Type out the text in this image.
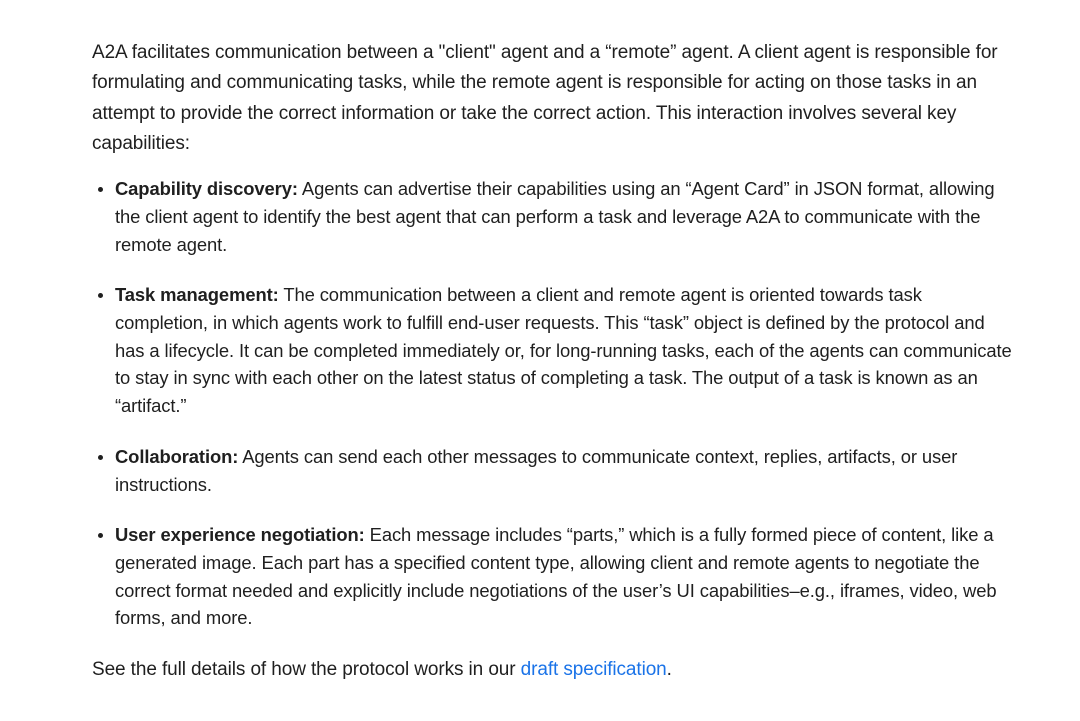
A2A facilitates communication between a "client" agent and a “remote” agent. A client agent is responsible for formulating and communicating tasks, while the remote agent is responsible for acting on those tasks in an attempt to provide the correct information or take the correct action. This interaction involves several key capabilities:

Capability discovery: Agents can advertise their capabilities using an “Agent Card” in JSON format, allowing the client agent to identify the best agent that can perform a task and leverage A2A to communicate with the remote agent.
Task management: The communication between a client and remote agent is oriented towards task completion, in which agents work to fulfill end-user requests. This “task” object is defined by the protocol and has a lifecycle. It can be completed immediately or, for long-running tasks, each of the agents can communicate to stay in sync with each other on the latest status of completing a task. The output of a task is known as an “artifact.”
Collaboration: Agents can send each other messages to communicate context, replies, artifacts, or user instructions.
User experience negotiation: Each message includes “parts,” which is a fully formed piece of content, like a generated image. Each part has a specified content type, allowing client and remote agents to negotiate the correct format needed and explicitly include negotiations of the user’s UI capabilities–e.g., iframes, video, web forms, and more.

See the full details of how the protocol works in our draft specification.
